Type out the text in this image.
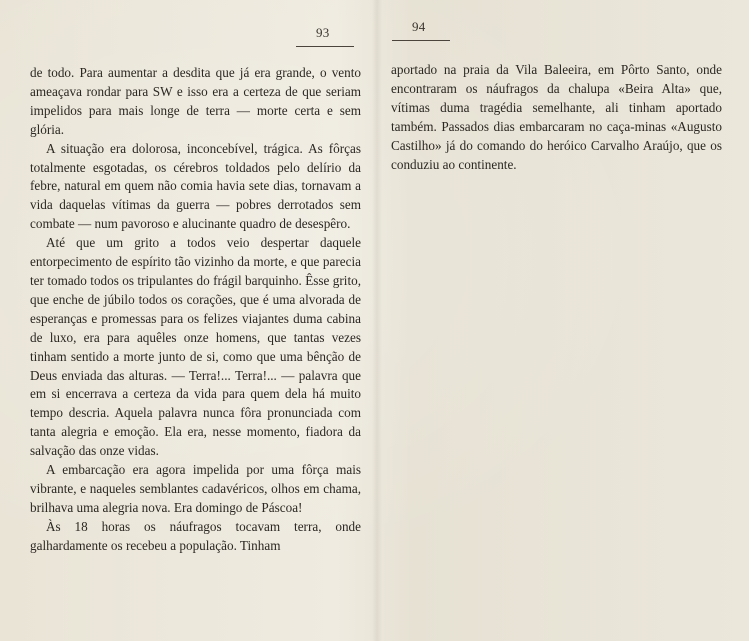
93	94

de todo. Para aumentar a desdita que já era grande, o vento ameaçava rondar para SW e isso era a certeza de que seriam impelidos para mais longe de terra — morte certa e sem glória.

A situação era dolorosa, inconcebível, trágica. As fôrças totalmente esgotadas, os cérebros toldados pelo delírio da febre, natural em quem não comia havia sete dias, tornavam a vida daquelas vítimas da guerra — pobres derrotados sem combate — num pavoroso e alucinante quadro de desespêro.

Até que um grito a todos veio despertar daquele entorpecimento de espírito tão vizinho da morte, e que parecia ter tomado todos os tripulantes do frágil barquinho. Êsse grito, que enche de júbilo todos os corações, que é uma alvorada de esperanças e promessas para os felizes viajantes duma cabina de luxo, era para aquêles onze homens, que tantas vezes tinham sentido a morte junto de si, como que uma bênção de Deus enviada das alturas. — Terra!... Terra!... — palavra que em si encerrava a certeza da vida para quem dela há muito tempo descria. Aquela palavra nunca fôra pronunciada com tanta alegria e emoção. Ela era, nesse momento, fiadora da salvação das onze vidas.

A embarcação era agora impelida por uma fôrça mais vibrante, e naqueles semblantes cadavéricos, olhos em chama, brilhava uma alegria nova. Era domingo de Páscoa!

Às 18 horas os náufragos tocavam terra, onde galhardamente os recebeu a população. Tinham

aportado na praia da Vila Baleeira, em Pôrto Santo, onde encontraram os náufragos da chalupa «Beira Alta» que, vítimas duma tragédia semelhante, ali tinham aportado também. Passados dias embarcaram no caça-minas «Augusto Castilho» já do comando do heróico Carvalho Araújo, que os conduziu ao continente.
